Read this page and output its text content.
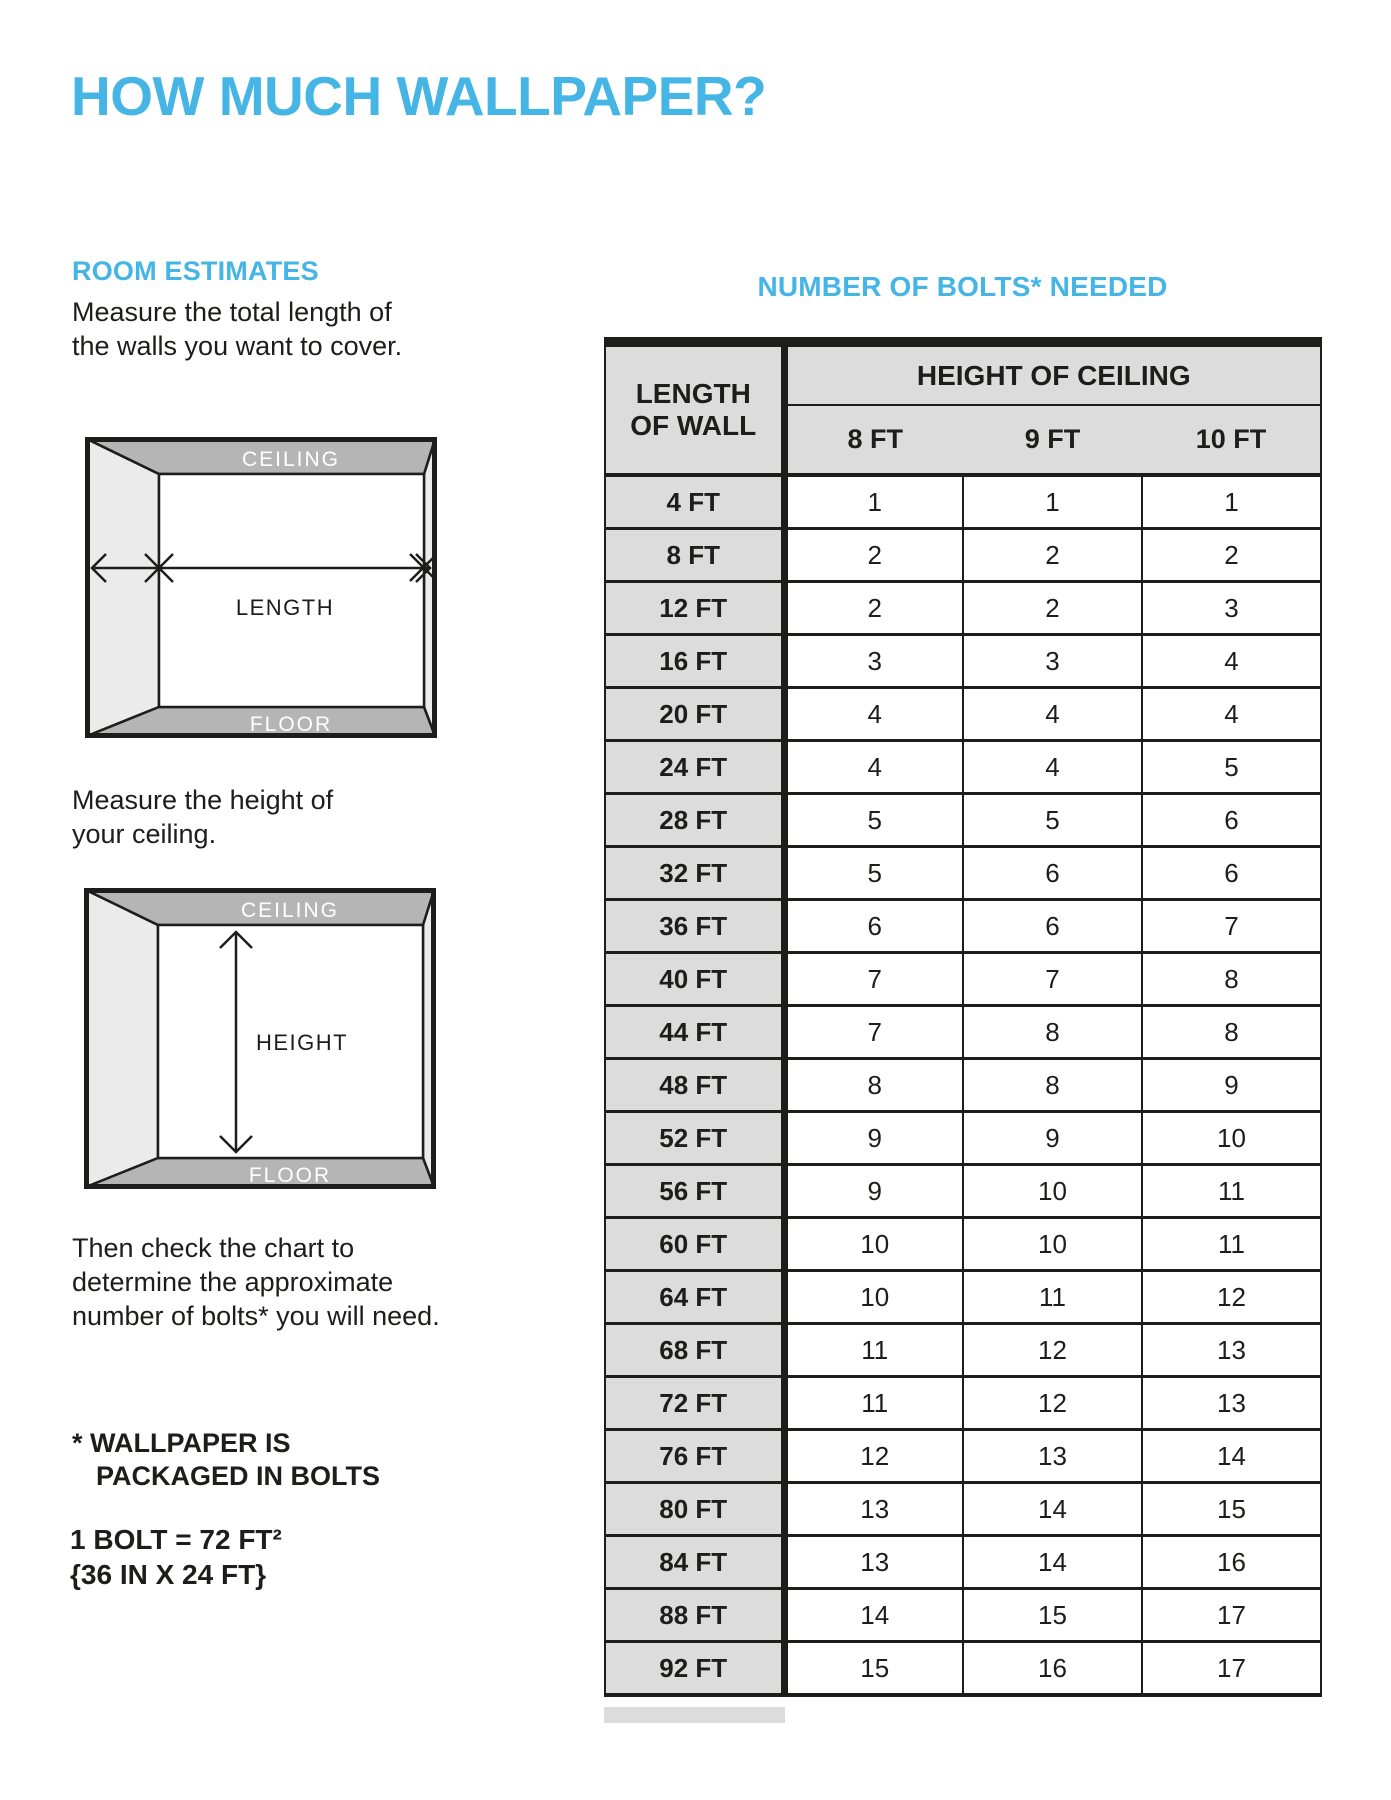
HOW MUCH WALLPAPER?
ROOM ESTIMATES
Measure the total length of
the walls you want to cover.
CEILING
LENGTH
FLOOR
Measure the height of
your ceiling.
CEILING
HEIGHT
FLOOR
Then check the chart to
determine the approximate
number of bolts* you will need.
* WALLPAPER IS
PACKAGED IN BOLTS
1 BOLT = 72 FT²
{36 IN X 24 FT}
NUMBER OF BOLTS* NEEDED
LENGTH
OF WALL	HEIGHT OF CEILING		
	8 FT	9 FT	10 FT
4 FT	1	1	1
8 FT	2	2	2
12 FT	2	2	3
16 FT	3	3	4
20 FT	4	4	4
24 FT	4	4	5
28 FT	5	5	6
32 FT	5	6	6
36 FT	6	6	7
40 FT	7	7	8
44 FT	7	8	8
48 FT	8	8	9
52 FT	9	9	10
56 FT	9	10	11
60 FT	10	10	11
64 FT	10	11	12
68 FT	11	12	13
72 FT	11	12	13
76 FT	12	13	14
80 FT	13	14	15
84 FT	13	14	16
88 FT	14	15	17
92 FT	15	16	17
